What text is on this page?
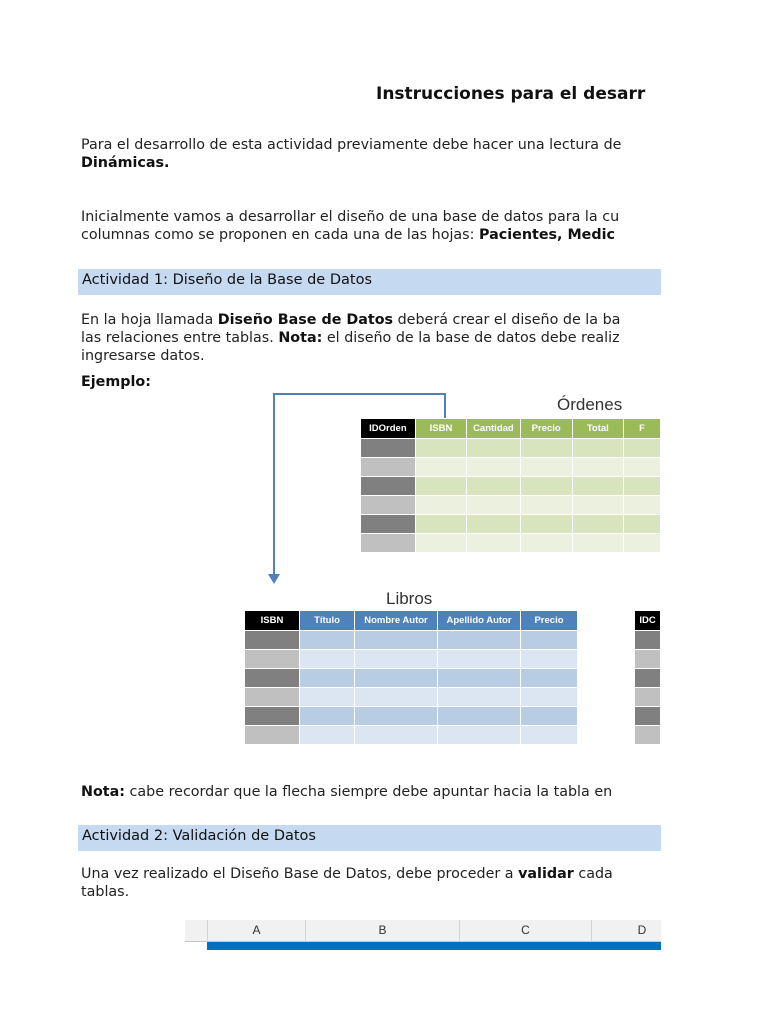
Instrucciones para el desarr
Para el desarrollo de esta actividad previamente debe hacer una lectura de
Dinámicas.
Inicialmente vamos a desarrollar el diseño de una base de datos para la cu
columnas como se proponen en cada una de las hojas: Pacientes, Medic
Actividad 1: Diseño de la Base de Datos
En la hoja llamada Diseño Base de Datos deberá crear el diseño de la ba
las relaciones entre tablas. Nota: el diseño de la base de datos debe realiz
ingresarse datos.
Ejemplo:
Órdenes
IDOrden	ISBN	Cantidad	Precio	Total	F

Libros
ISBN	Título	Nombre Autor	Apellido Autor	Precio

					IDC

Nota: cabe recordar que la flecha siempre debe apuntar hacia la tabla en
Actividad 2: Validación de Datos
Una vez realizado el Diseño Base de Datos, debe proceder a validar cada
tablas.
A	B	C	D
